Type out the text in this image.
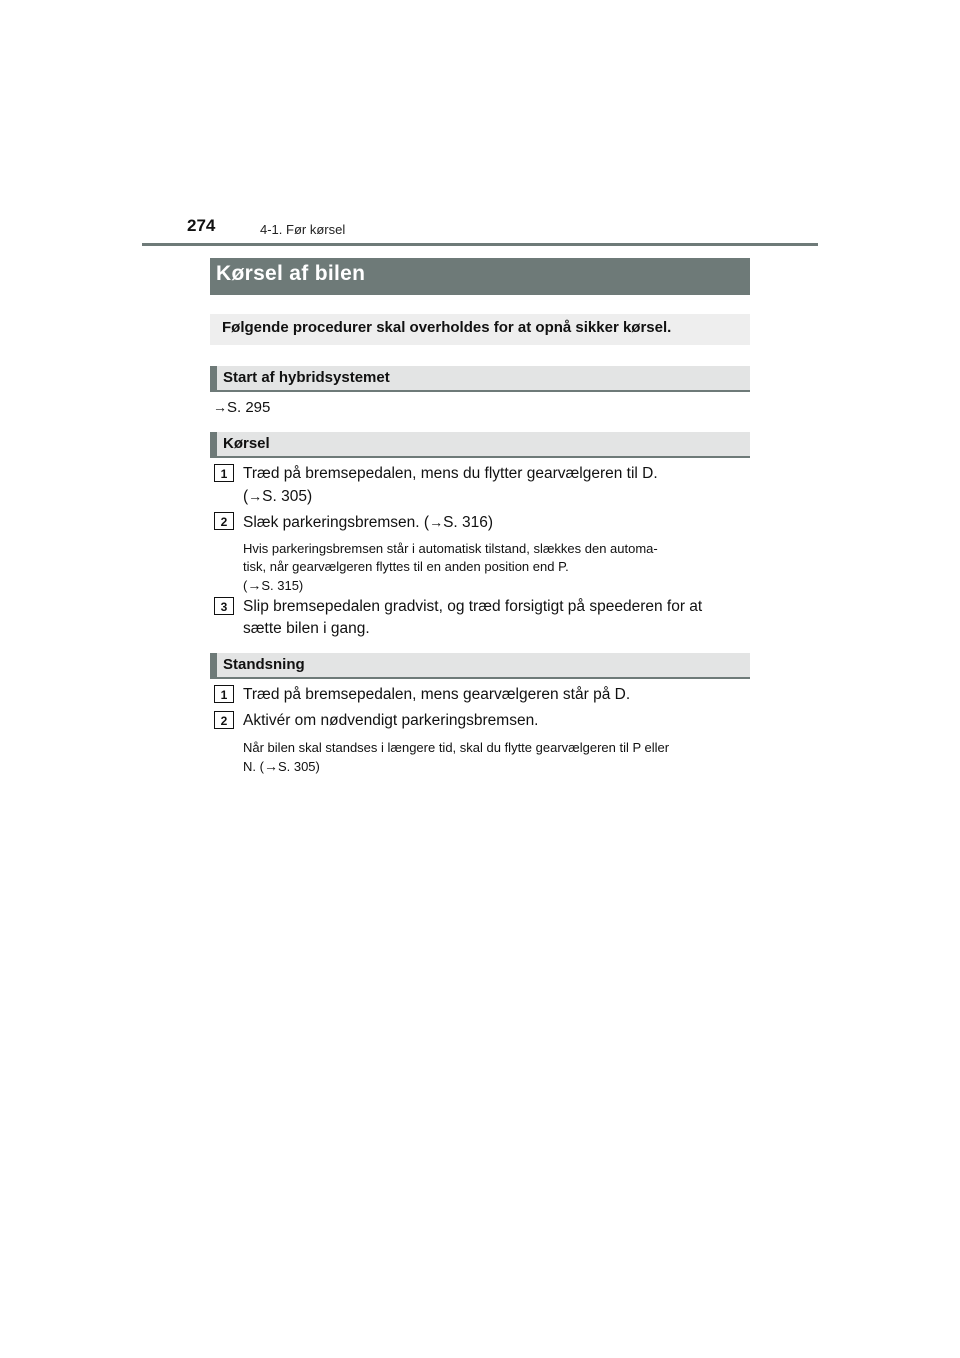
274	4-1. Før kørsel
Kørsel af bilen
Følgende procedurer skal overholdes for at opnå sikker kørsel.
Start af hybridsystemet
→S. 295
Kørsel
1	Træd på bremsepedalen, mens du flytter gearvælgeren til D.
(→S. 305)
2	Slæk parkeringsbremsen. (→S. 316)
Hvis parkeringsbremsen står i automatisk tilstand, slækkes den automa-
tisk, når gearvælgeren flyttes til en anden position end P.
(→S. 315)
3	Slip bremsepedalen gradvist, og træd forsigtigt på speederen for at
sætte bilen i gang.
Standsning
1	Træd på bremsepedalen, mens gearvælgeren står på D.
2	Aktivér om nødvendigt parkeringsbremsen.
Når bilen skal standses i længere tid, skal du flytte gearvælgeren til P eller
N. (→S. 305)
